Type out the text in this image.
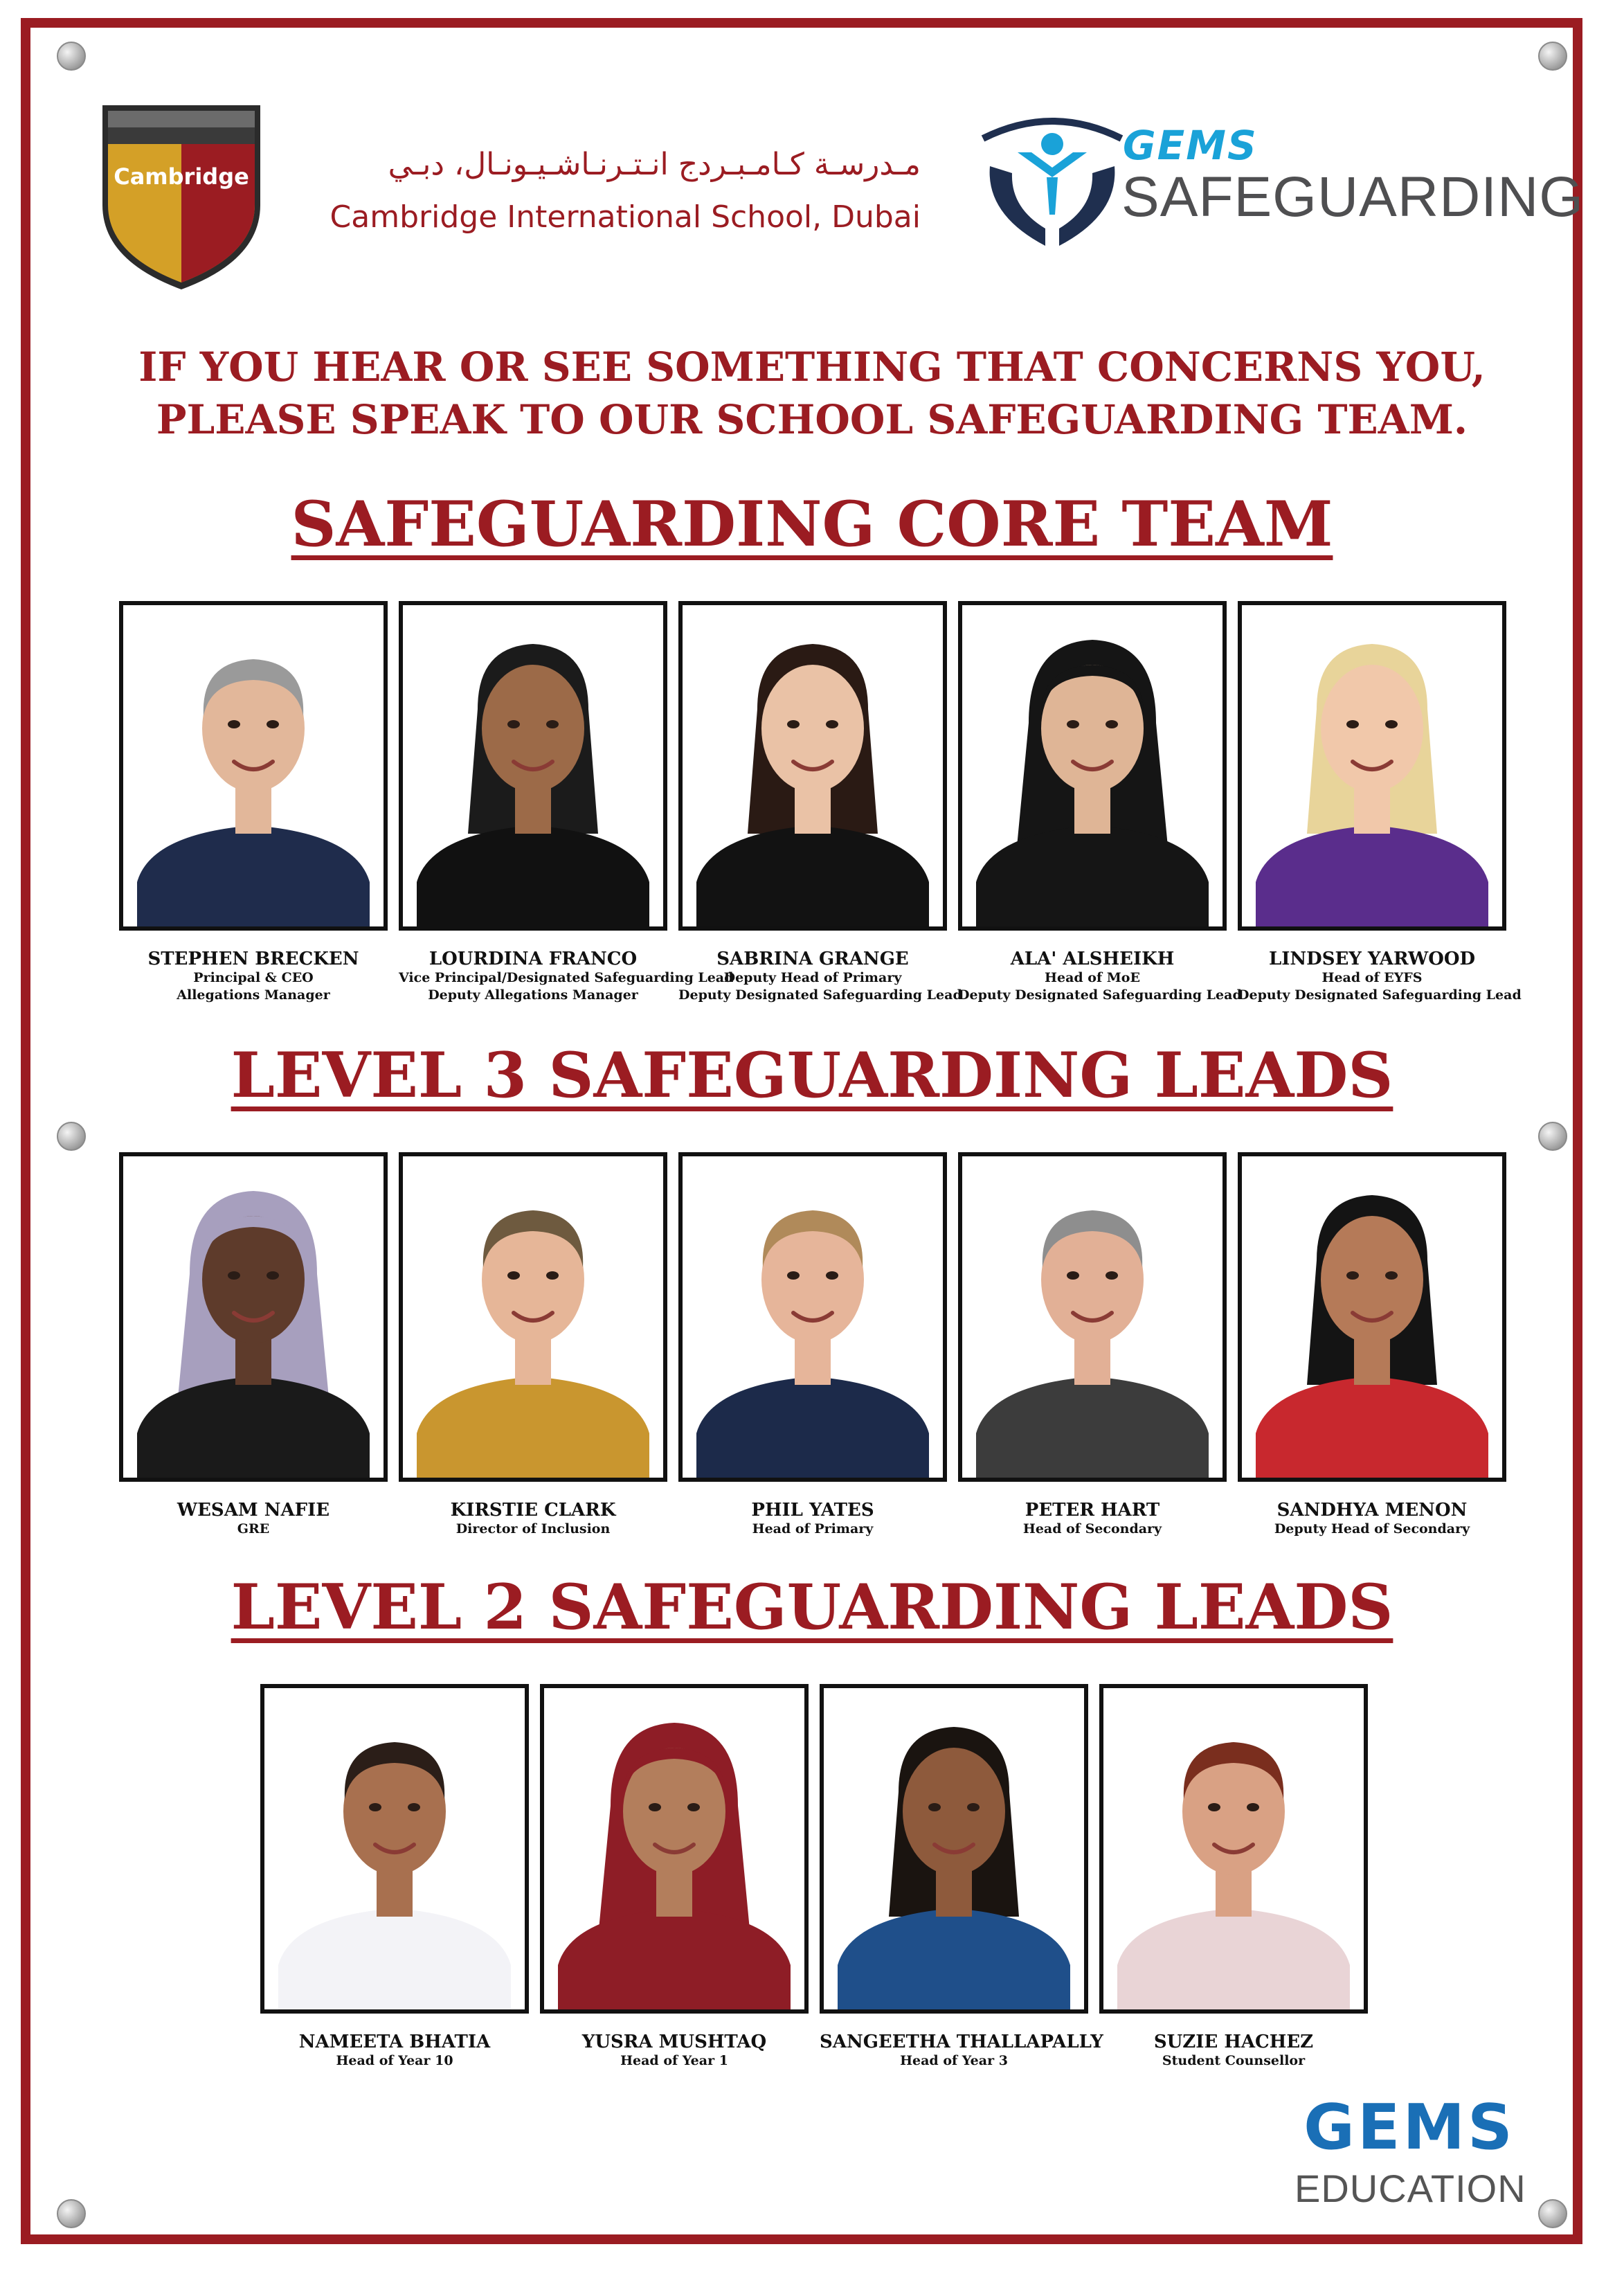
Cambridge	مـدرسـة كـامـبـردج انـتـرنـاشـيـونـال، دبـي
Cambridge International School, Dubai
GEMS
SAFEGUARDING
IF YOU HEAR OR SEE SOMETHING THAT CONCERNS YOU,
PLEASE SPEAK TO OUR SCHOOL SAFEGUARDING TEAM.
SAFEGUARDING CORE TEAM
LEVEL 3 SAFEGUARDING LEADS
LEVEL 2 SAFEGUARDING LEADS
STEPHEN BRECKEN
Principal & CEO
Allegations Manager
LOURDINA FRANCO
Vice Principal/Designated Safeguarding Lead
Deputy Allegations Manager
SABRINA GRANGE
Deputy Head of Primary
Deputy Designated Safeguarding Lead
ALA' ALSHEIKH
Head of MoE
Deputy Designated Safeguarding Lead
LINDSEY YARWOOD
Head of EYFS
Deputy Designated Safeguarding Lead
WESAM NAFIE
GRE
KIRSTIE CLARK
Director of Inclusion
PHIL YATES
Head of Primary
PETER HART
Head of Secondary
SANDHYA MENON
Deputy Head of Secondary
NAMEETA BHATIA
Head of Year 10
YUSRA MUSHTAQ
Head of Year 1
SANGEETHA THALLAPALLY
Head of Year 3
SUZIE HACHEZ
Student Counsellor
GEMS
EDUCATION
